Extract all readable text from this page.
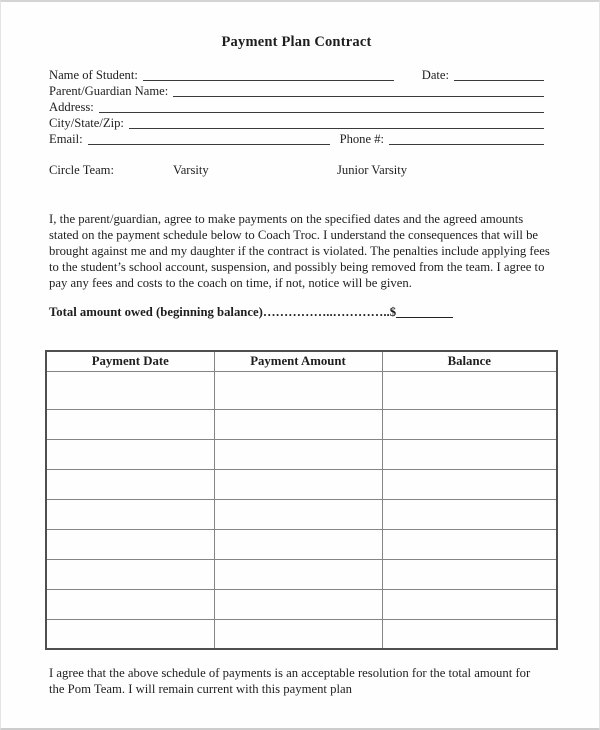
Payment Plan Contract
Name of Student:	Date:
Parent/Guardian Name:
Address:
City/State/Zip:
Email:	Phone #:
Circle Team:	Varsity	Junior Varsity

I, the parent/guardian, agree to make payments on the specified dates and the agreed amounts stated on the payment schedule below to Coach Troc. I understand the consequences that will be brought against me and my daughter if the contract is violated. The penalties include applying fees to the student’s school account, suspension, and possibly being removed from the team. I agree to pay any fees and costs to the coach on time, if not, notice will be given.

Total amount owed (beginning balance)……………..…………..$
Payment Date	Payment Amount	Balance

I agree that the above schedule of payments is an acceptable resolution for the total amount for the Pom Team. I will remain current with this payment plan
